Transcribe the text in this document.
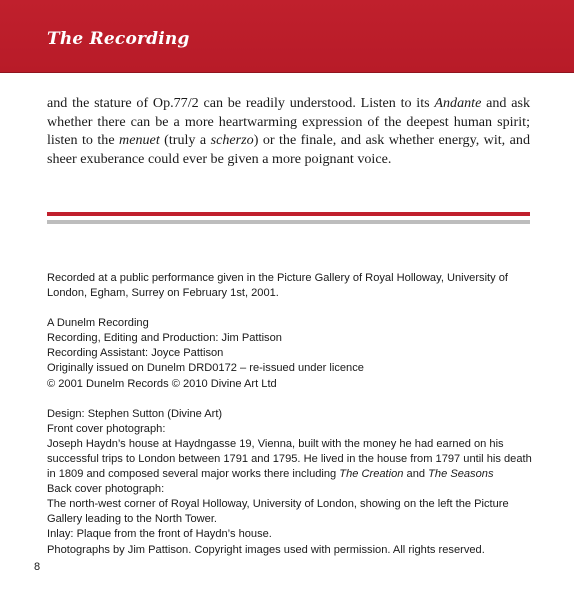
The Recording
and the stature of Op.77/2 can be readily understood. Listen to its Andante and ask whether there can be a more heartwarming expression of the deepest human spirit; listen to the menuet (truly a scherzo) or the finale, and ask whether energy, wit, and sheer exuberance could ever be given a more poignant voice.

Recorded at a public performance given in the Picture Gallery of Royal Holloway, University of London, Egham, Surrey on February 1st, 2001.

A Dunelm Recording

Recording, Editing and Production: Jim Pattison

Recording Assistant: Joyce Pattison

Originally issued on Dunelm DRD0172 – re-issued under licence

© 2001 Dunelm Records © 2010 Divine Art Ltd

Design: Stephen Sutton (Divine Art)

Front cover photograph:

Joseph Haydn’s house at Haydngasse 19, Vienna, built with the money he had earned on his successful trips to London between 1791 and 1795. He lived in the house from 1797 until his death in 1809 and composed several major works there including The Creation and The Seasons

Back cover photograph:

The north-west corner of Royal Holloway, University of London, showing on the left the Picture Gallery leading to the North Tower.

Inlay: Plaque from the front of Haydn’s house.

Photographs by Jim Pattison. Copyright images used with permission. All rights reserved.

8
